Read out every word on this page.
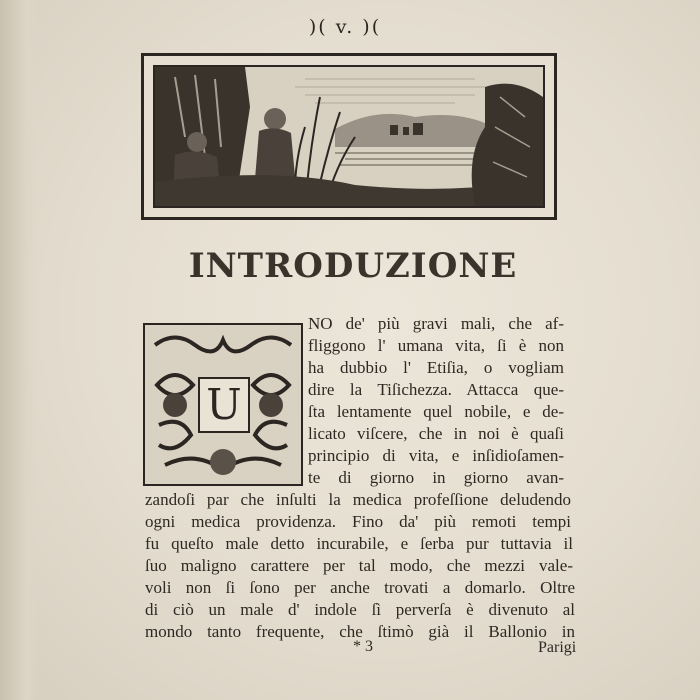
)( v. )(
INTRODUZIONE
U
NO de' più gravi mali, che af-
fliggono l' umana vita, ſi è non
ha dubbio l' Etiſia, o vogliam
dire la Tiſichezza. Attacca que-
ſta lentamente quel nobile, e de-
licato viſcere, che in noi è quaſi
principio di vita, e inſidioſamen-
te di giorno in giorno avan-
zandoſi par che inſulti la medica profeſſione deludendo
ogni medica providenza. Fino da' più remoti tempi
fu queſto male detto incurabile, e ſerba pur tuttavia il
ſuo maligno carattere per tal modo, che mezzi vale-
voli non ſi ſono per anche trovati a domarlo. Oltre
di ciò un male d' indole ſì perverſa è divenuto al
* 3	Parigi
mondo tanto frequente, che ſtimò già il Ballonio in
